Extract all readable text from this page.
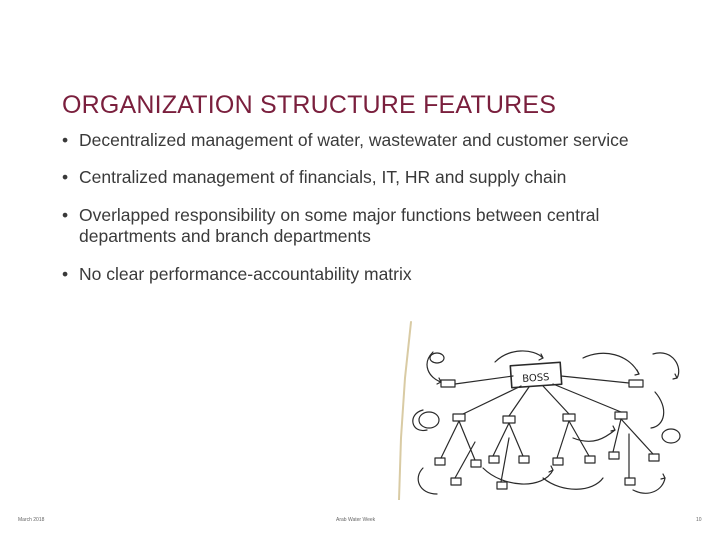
ORGANIZATION STRUCTURE FEATURES
• Decentralized management of water, wastewater and customer service
• Centralized management of financials, IT, HR and supply chain
• Overlapped responsibility on some major functions between central departments and branch departments
• No clear performance-accountability matrix
BOSS
March 2018	Arab Water Week	10
